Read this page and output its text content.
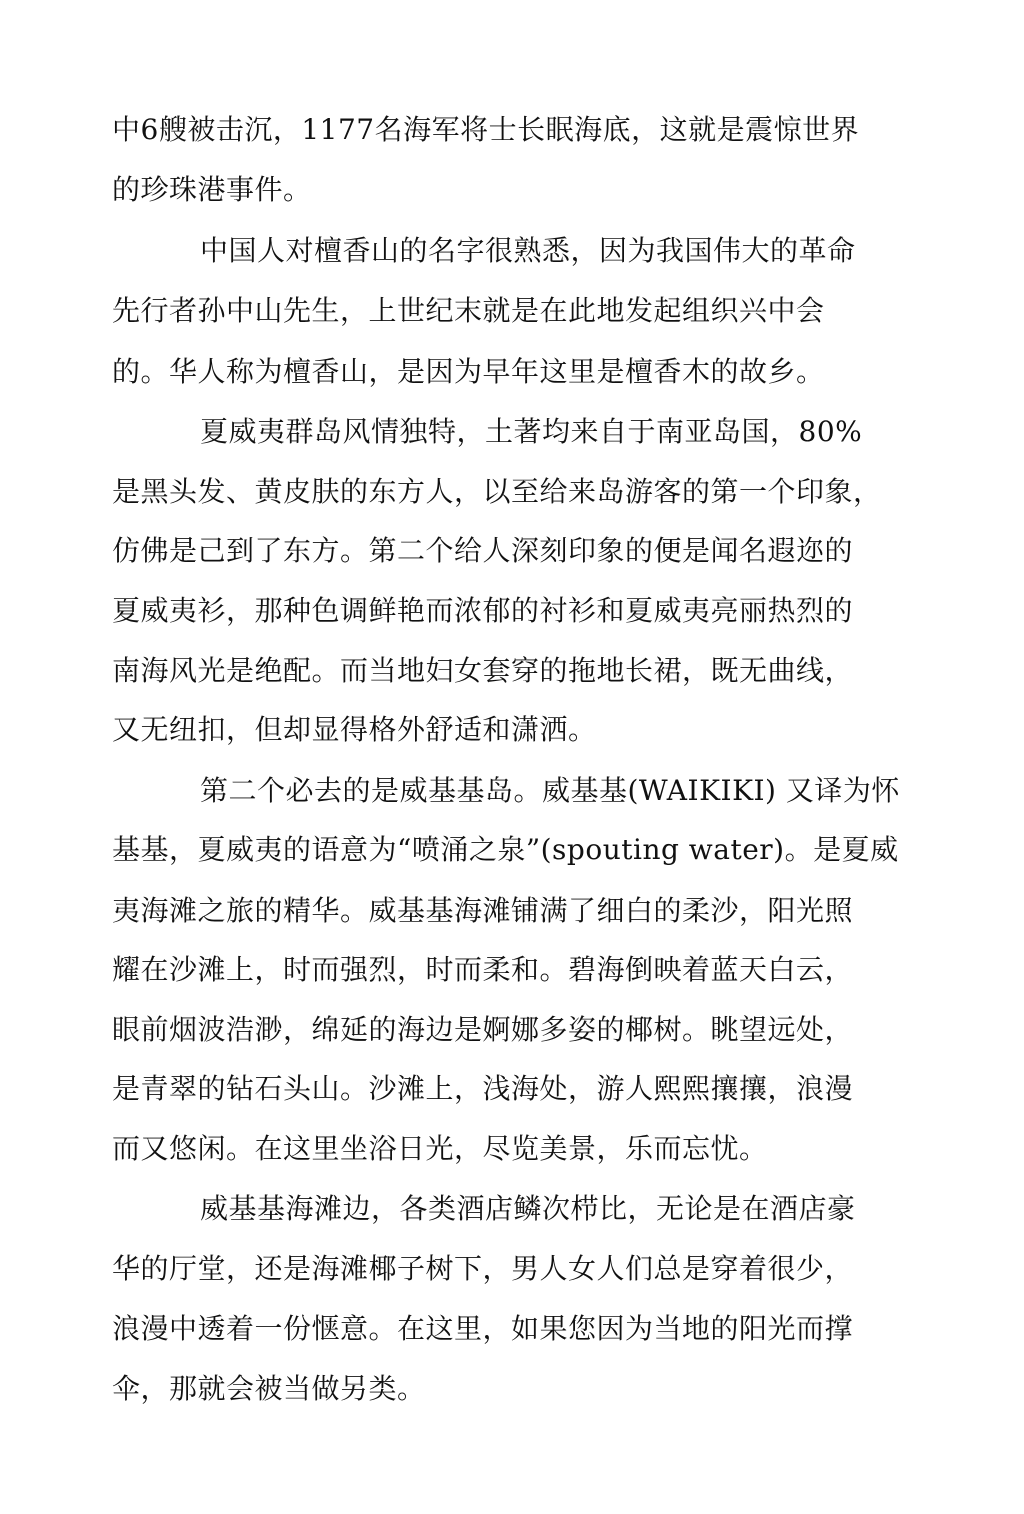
中6艘被击沉，1177名海军将士长眠海底，这就是震惊世界
的珍珠港事件。
中国人对檀香山的名字很熟悉，因为我国伟大的革命
先行者孙中山先生，上世纪末就是在此地发起组织兴中会
的。华人称为檀香山，是因为早年这里是檀香木的故乡。
夏威夷群岛风情独特，土著均来自于南亚岛国，80%
是黑头发、黄皮肤的东方人，以至给来岛游客的第一个印象，
仿佛是己到了东方。第二个给人深刻印象的便是闻名遐迩的
夏威夷衫，那种色调鲜艳而浓郁的衬衫和夏威夷亮丽热烈的
南海风光是绝配。而当地妇女套穿的拖地长裙，既无曲线，
又无纽扣，但却显得格外舒适和潇洒。
第二个必去的是威基基岛。威基基(WAIKIKI) 又译为怀
基基，夏威夷的语意为“喷涌之泉”(spouting water)。是夏威
夷海滩之旅的精华。威基基海滩铺满了细白的柔沙，阳光照
耀在沙滩上，时而强烈，时而柔和。碧海倒映着蓝天白云，
眼前烟波浩渺，绵延的海边是婀娜多姿的椰树。眺望远处，
是青翠的钻石头山。沙滩上，浅海处，游人熙熙攘攘，浪漫
而又悠闲。在这里坐浴日光，尽览美景，乐而忘忧。
威基基海滩边，各类酒店鳞次栉比，无论是在酒店豪
华的厅堂，还是海滩椰子树下，男人女人们总是穿着很少，
浪漫中透着一份惬意。在这里，如果您因为当地的阳光而撑
伞，那就会被当做另类。
